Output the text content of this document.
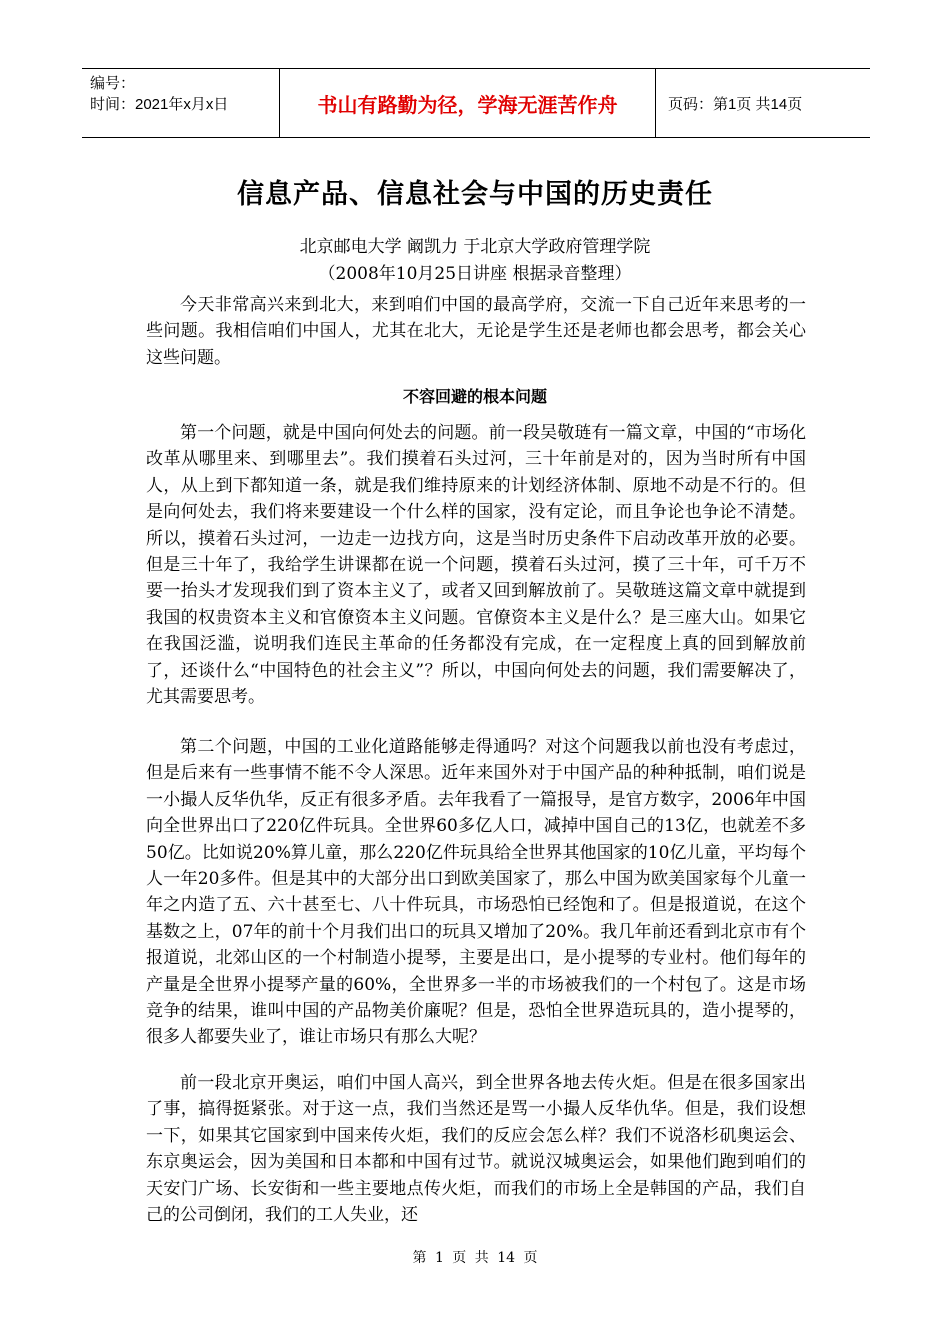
编号：
时间：2021年x月x日	书山有路勤为径，学海无涯苦作舟	页码：第1页 共14页
信息产品、信息社会与中国的历史责任
北京邮电大学 阚凯力 于北京大学政府管理学院
（2008年10月25日讲座 根据录音整理）

今天非常高兴来到北大，来到咱们中国的最高学府，交流一下自己近年来思考的一些问题。我相信咱们中国人，尤其在北大，无论是学生还是老师也都会思考，都会关心这些问题。

不容回避的根本问题

第一个问题，就是中国向何处去的问题。前一段吴敬琏有一篇文章，中国的“市场化改革从哪里来、到哪里去”。我们摸着石头过河，三十年前是对的，因为当时所有中国人，从上到下都知道一条，就是我们维持原来的计划经济体制、原地不动是不行的。但是向何处去，我们将来要建设一个什么样的国家，没有定论，而且争论也争论不清楚。所以，摸着石头过河，一边走一边找方向，这是当时历史条件下启动改革开放的必要。但是三十年了，我给学生讲课都在说一个问题，摸着石头过河，摸了三十年，可千万不要一抬头才发现我们到了资本主义了，或者又回到解放前了。吴敬琏这篇文章中就提到我国的权贵资本主义和官僚资本主义问题。官僚资本主义是什么？是三座大山。如果它在我国泛滥，说明我们连民主革命的任务都没有完成，在一定程度上真的回到解放前了，还谈什么“中国特色的社会主义”？所以，中国向何处去的问题，我们需要解决了，尤其需要思考。

第二个问题，中国的工业化道路能够走得通吗？对这个问题我以前也没有考虑过，但是后来有一些事情不能不令人深思。近年来国外对于中国产品的种种抵制，咱们说是一小撮人反华仇华，反正有很多矛盾。去年我看了一篇报导，是官方数字，2006年中国向全世界出口了220亿件玩具。全世界60多亿人口，减掉中国自己的13亿，也就差不多50亿。比如说20%算儿童，那么220亿件玩具给全世界其他国家的10亿儿童，平均每个人一年20多件。但是其中的大部分出口到欧美国家了，那么中国为欧美国家每个儿童一年之内造了五、六十甚至七、八十件玩具，市场恐怕已经饱和了。但是报道说，在这个基数之上，07年的前十个月我们出口的玩具又增加了20%。我几年前还看到北京市有个报道说，北郊山区的一个村制造小提琴，主要是出口，是小提琴的专业村。他们每年的产量是全世界小提琴产量的60%，全世界多一半的市场被我们的一个村包了。这是市场竞争的结果，谁叫中国的产品物美价廉呢？但是，恐怕全世界造玩具的，造小提琴的，很多人都要失业了，谁让市场只有那么大呢？

前一段北京开奥运，咱们中国人高兴，到全世界各地去传火炬。但是在很多国家出了事，搞得挺紧张。对于这一点，我们当然还是骂一小撮人反华仇华。但是，我们设想一下，如果其它国家到中国来传火炬，我们的反应会怎么样？我们不说洛杉矶奥运会、东京奥运会，因为美国和日本都和中国有过节。就说汉城奥运会，如果他们跑到咱们的天安门广场、长安街和一些主要地点传火炬，而我们的市场上全是韩国的产品，我们自己的公司倒闭，我们的工人失业，还

第 1 页 共 14 页
